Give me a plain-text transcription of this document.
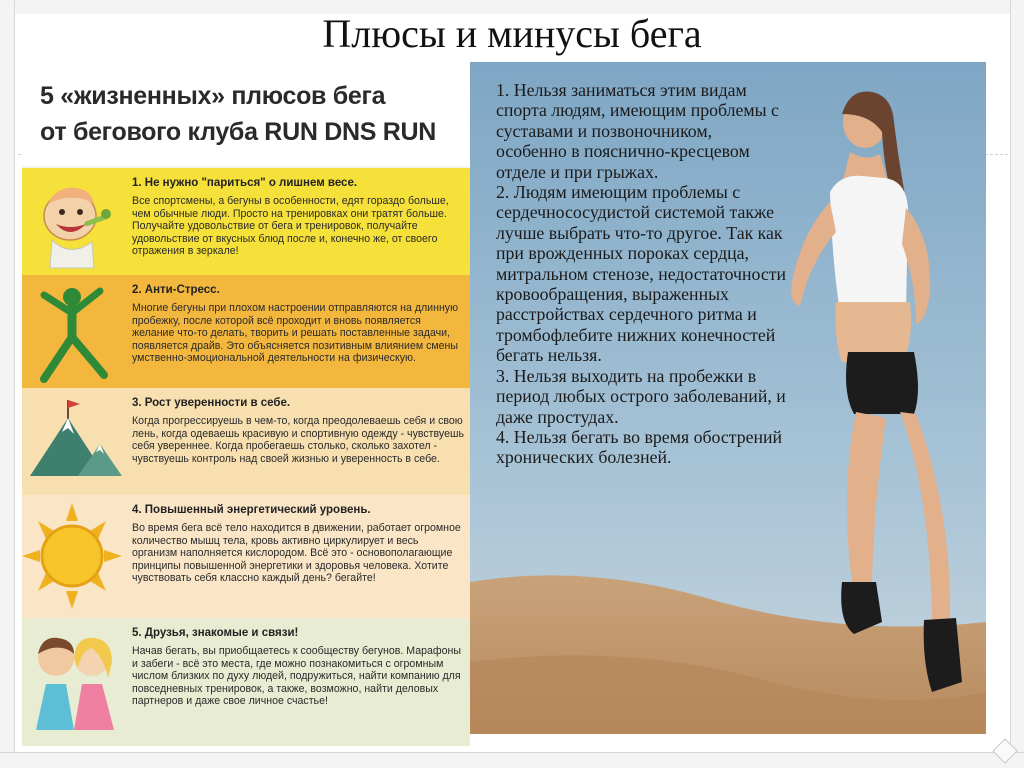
Плюсы и минусы бега
5 «жизненных» плюсов бега
от бегового клуба RUN DNS RUN
1. Не нужно "париться" о лишнем весе.
Все спортсмены, а бегуны в особенности, едят гораздо больше, чем обычные люди. Просто на тренировках они тратят больше. Получайте удовольствие от бега и тренировок, получайте удовольствие от вкусных блюд после и, конечно же, от своего отражения в зеркале!
2. Анти-Стресс.
Многие бегуны при плохом настроении отправляются на длинную пробежку, после которой всё проходит и вновь появляется желание что-то делать, творить и решать поставленные задачи, появляется драйв. Это объясняется позитивным влиянием смены умственно-эмоциональной деятельности на физическую.
3. Рост уверенности в себе.
Когда прогрессируешь в чем-то, когда преодолеваешь себя и свою лень, когда одеваешь красивую и спортивную одежду - чувствуешь себя увереннее. Когда пробегаешь столько, сколько захотел - чувствуешь контроль над своей жизнью и уверенность в себе.
4. Повышенный энергетический уровень.
Во время бега всё тело находится в движении, работает огромное количество мышц тела, кровь активно циркулирует и весь организм наполняется кислородом. Всё это - основополагающие принципы повышенной энергетики и здоровья человека. Хотите чувствовать себя классно каждый день? бегайте!
5. Друзья, знакомые и связи!
Начав бегать, вы приобщаетесь к сообществу бегунов. Марафоны и забеги - всё это места, где можно познакомиться с огромным числом близких по духу людей, подружиться, найти компанию для повседневных тренировок, а также, возможно, найти деловых партнеров и даже свое личное счастье!

1. Нельзя заниматься этим видам спорта людям, имеющим проблемы с суставами и позвоночником, особенно в пояснично-кресцевом отделе и при грыжах.

2. Людям имеющим проблемы с сердечнососудистой системой также лучше выбрать что-то другое. Так как при врожденных пороках сердца, митральном стенозе, недостаточности кровообращения, выраженных расстройствах сердечного ритма и тромбофлебите нижних конечностей бегать нельзя.

3. Нельзя выходить на пробежки в период любых острого заболеваний, и даже простудах.

4. Нельзя бегать во время обострений хронических болезней.
